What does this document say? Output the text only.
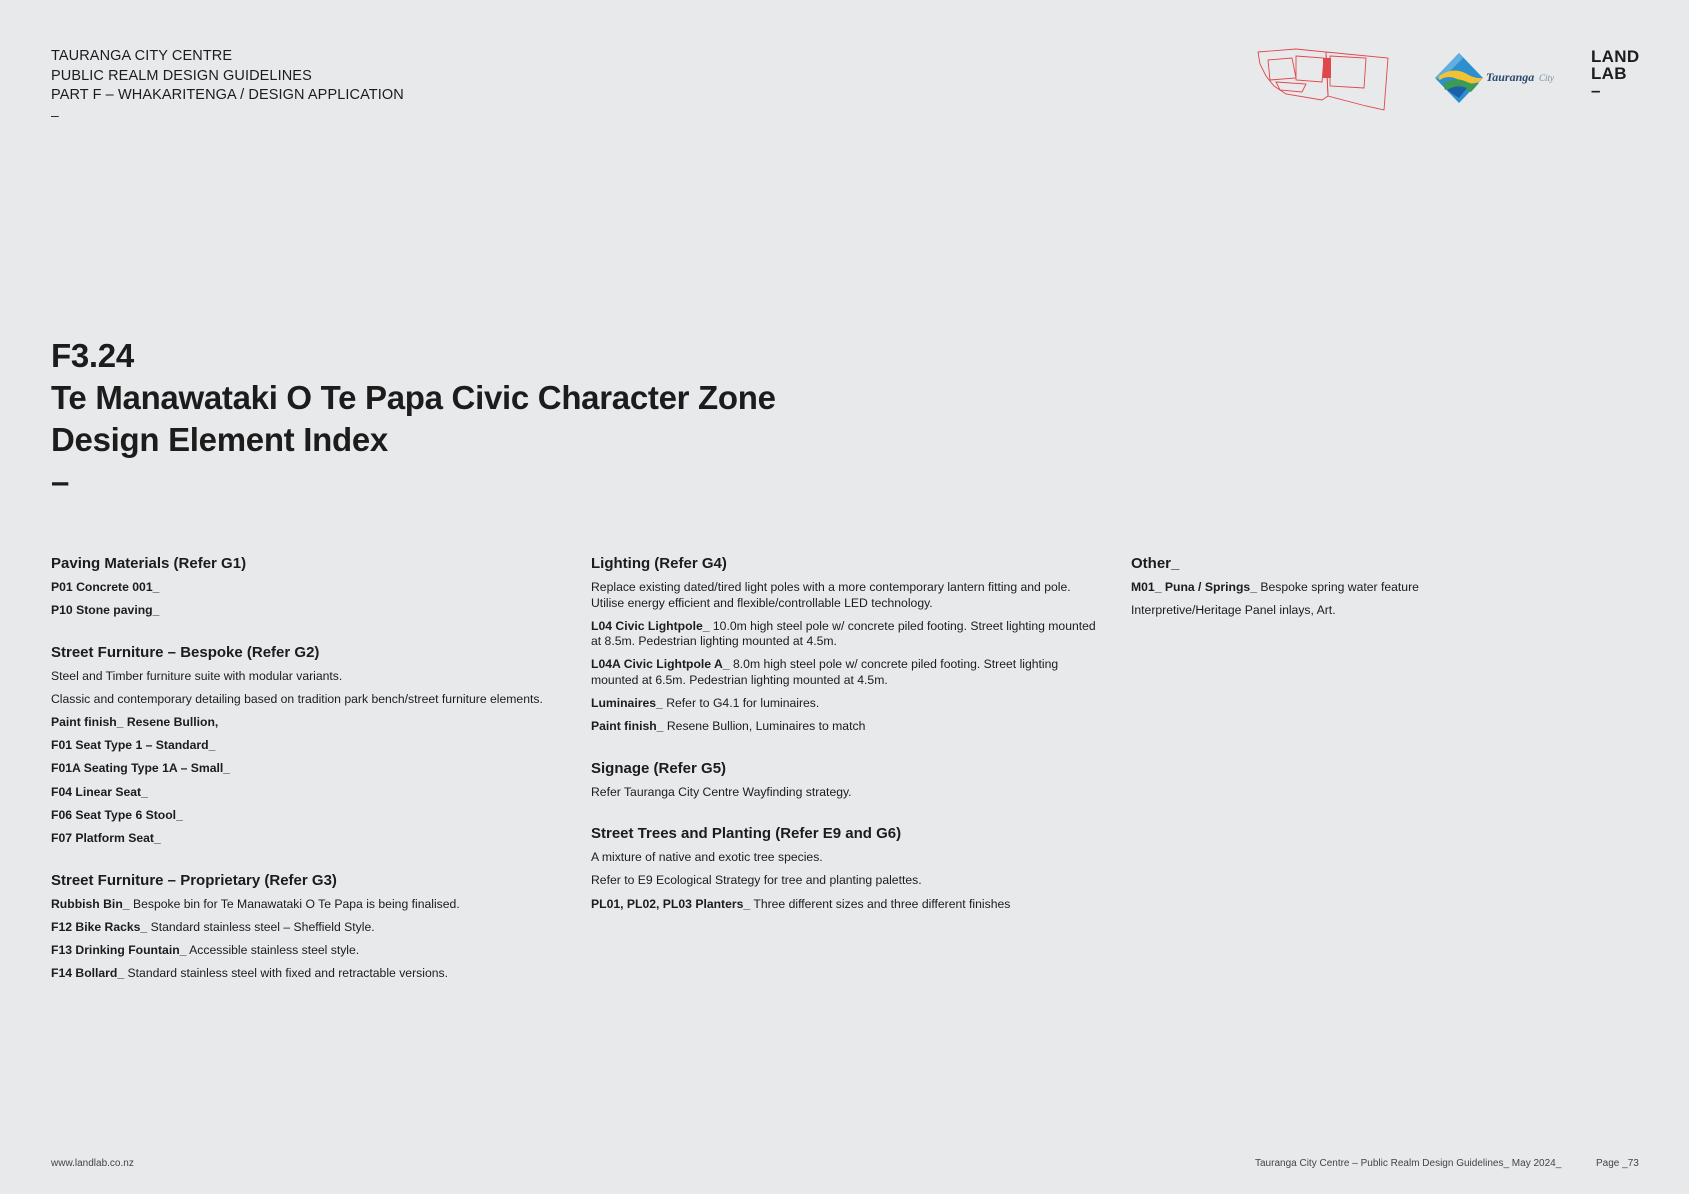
TAURANGA CITY CENTRE
PUBLIC REALM DESIGN GUIDELINES
PART F – WHAKARITENGA / DESIGN APPLICATION
–
Tauranga City
LAND
LAB
–
F3.24
Te Manawataki O Te Papa Civic Character Zone
Design Element Index
–
Paving Materials (Refer G1)
P01 Concrete 001_
P10 Stone paving_
Street Furniture – Bespoke (Refer G2)
Steel and Timber furniture suite with modular variants.
Classic and contemporary detailing based on tradition park bench/street furniture elements.
Paint finish_ Resene Bullion,
F01 Seat Type 1 – Standard_
F01A Seating Type 1A – Small_
F04 Linear Seat_
F06 Seat Type 6 Stool_
F07 Platform Seat_
Street Furniture – Proprietary (Refer G3)
Rubbish Bin_ Bespoke bin for Te Manawataki O Te Papa is being finalised.
F12 Bike Racks_ Standard stainless steel – Sheffield Style.
F13 Drinking Fountain_ Accessible stainless steel style.
F14 Bollard_ Standard stainless steel with fixed and retractable versions.
Lighting (Refer G4)
Replace existing dated/tired light poles with a more contemporary lantern fitting and pole. Utilise energy efficient and flexible/controllable LED technology.
L04 Civic Lightpole_ 10.0m high steel pole w/ concrete piled footing. Street lighting mounted at 8.5m. Pedestrian lighting mounted at 4.5m.
L04A Civic Lightpole A_ 8.0m high steel pole w/ concrete piled footing. Street lighting mounted at 6.5m. Pedestrian lighting mounted at 4.5m.
Luminaires_ Refer to G4.1 for luminaires.
Paint finish_ Resene Bullion, Luminaires to match
Signage (Refer G5)
Refer Tauranga City Centre Wayfinding strategy.
Street Trees and Planting (Refer E9 and G6)
A mixture of native and exotic tree species.
Refer to E9 Ecological Strategy for tree and planting palettes.
PL01, PL02, PL03 Planters_ Three different sizes and three different finishes
Other_
M01_ Puna / Springs_ Bespoke spring water feature
Interpretive/Heritage Panel inlays, Art.
www.landlab.co.nz	Tauranga City Centre – Public Realm Design Guidelines_ May 2024_	Page _73
